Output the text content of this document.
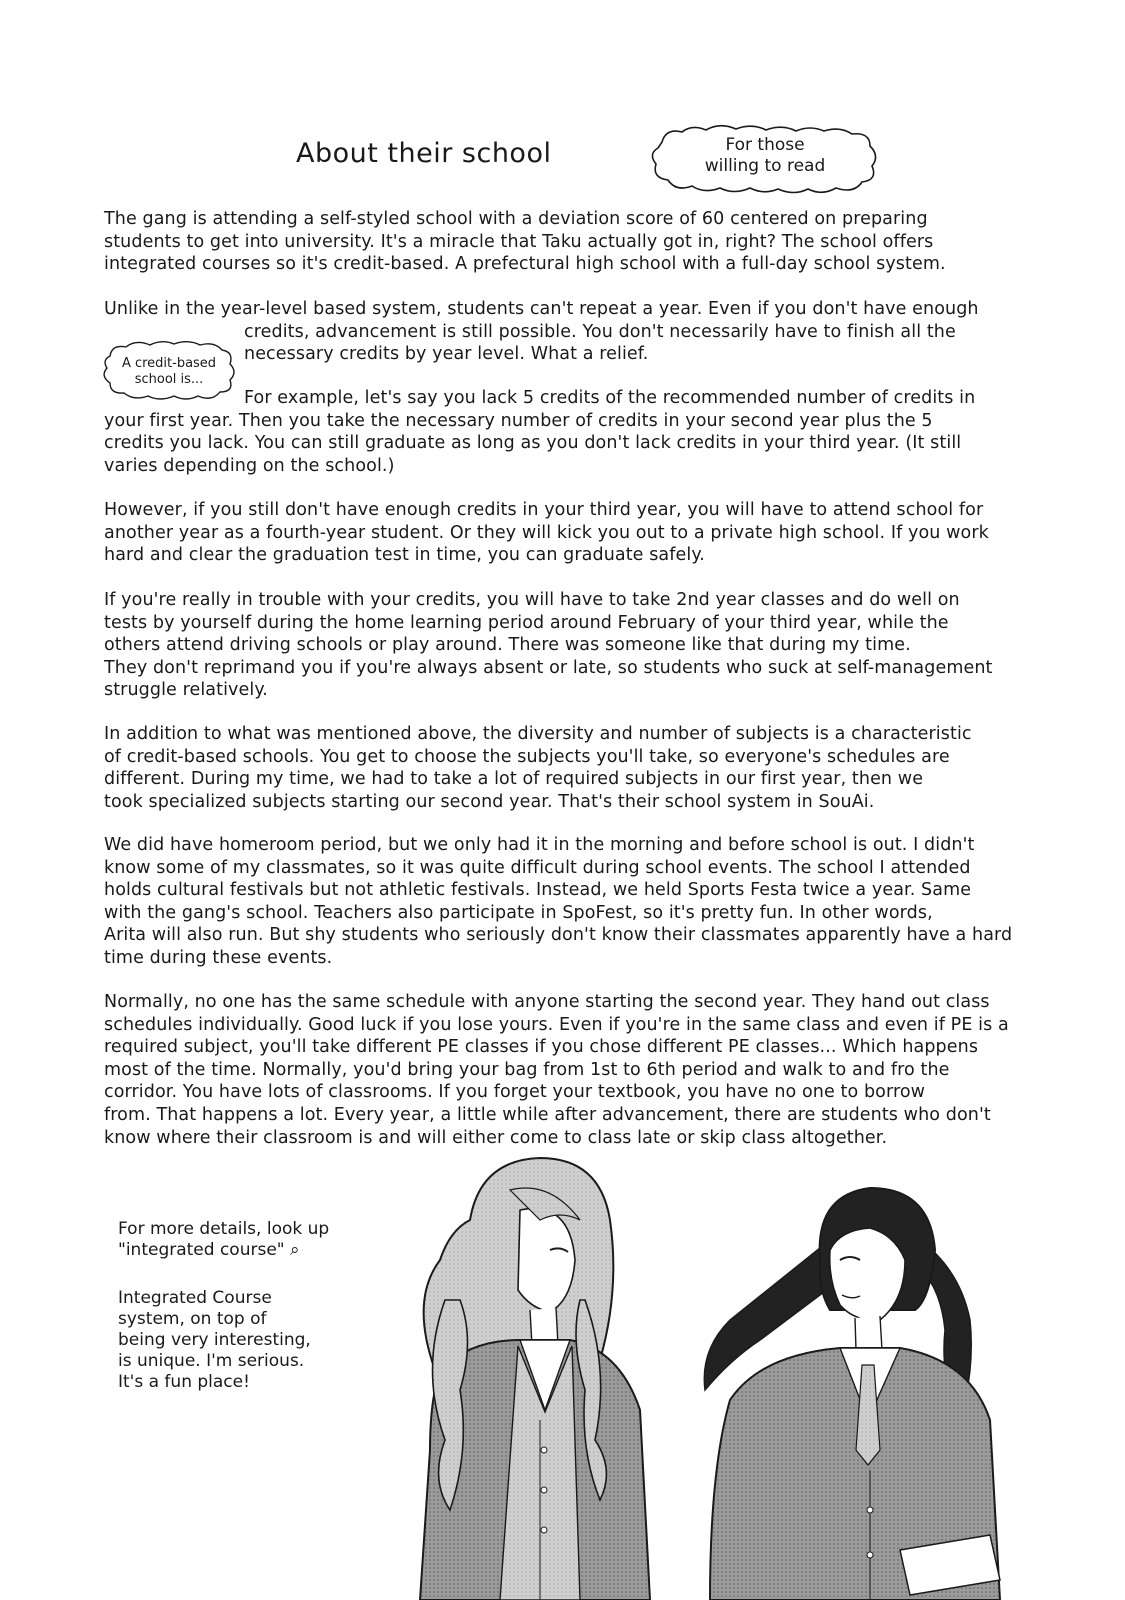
About their school	For those
willing to read
A credit-based
school is...

The gang is attending a self-styled school with a deviation score of 60 centered on preparing
students to get into university. It's a miracle that Taku actually got in, right? The school offers
integrated courses so it's credit-based. A prefectural high school with a full-day school system.

Unlike in the year-level based system, students can't repeat a year. Even if you don't have enough
credits, advancement is still possible. You don't necessarily have to finish all the
necessary credits by year level. What a relief.

For example, let's say you lack 5 credits of the recommended number of credits in
your first year. Then you take the necessary number of credits in your second year plus the 5
credits you lack. You can still graduate as long as you don't lack credits in your third year. (It still
varies depending on the school.)

However, if you still don't have enough credits in your third year, you will have to attend school for
another year as a fourth-year student. Or they will kick you out to a private high school. If you work
hard and clear the graduation test in time, you can graduate safely.

If you're really in trouble with your credits, you will have to take 2nd year classes and do well on
tests by yourself during the home learning period around February of your third year, while the
others attend driving schools or play around. There was someone like that during my time.
They don't reprimand you if you're always absent or late, so students who suck at self-management
struggle relatively.

In addition to what was mentioned above, the diversity and number of subjects is a characteristic
of credit-based schools. You get to choose the subjects you'll take, so everyone's schedules are
different. During my time, we had to take a lot of required subjects in our first year, then we
took specialized subjects starting our second year. That's their school system in SouAi.

We did have homeroom period, but we only had it in the morning and before school is out. I didn't
know some of my classmates, so it was quite difficult during school events. The school I attended
holds cultural festivals but not athletic festivals. Instead, we held Sports Festa twice a year. Same
with the gang's school. Teachers also participate in SpoFest, so it's pretty fun. In other words,
Arita will also run. But shy students who seriously don't know their classmates apparently have a hard
time during these events.

Normally, no one has the same schedule with anyone starting the second year. They hand out class
schedules individually. Good luck if you lose yours. Even if you're in the same class and even if PE is a
required subject, you'll take different PE classes if you chose different PE classes... Which happens
most of the time. Normally, you'd bring your bag from 1st to 6th period and walk to and fro the
corridor. You have lots of classrooms. If you forget your textbook, you have no one to borrow
from. That happens a lot. Every year, a little while after advancement, there are students who don't
know where their classroom is and will either come to class late or skip class altogether.

For more details, look up
"integrated course" ⌕
Integrated Course
system, on top of
being very interesting,
is unique. I'm serious.
It's a fun place!
